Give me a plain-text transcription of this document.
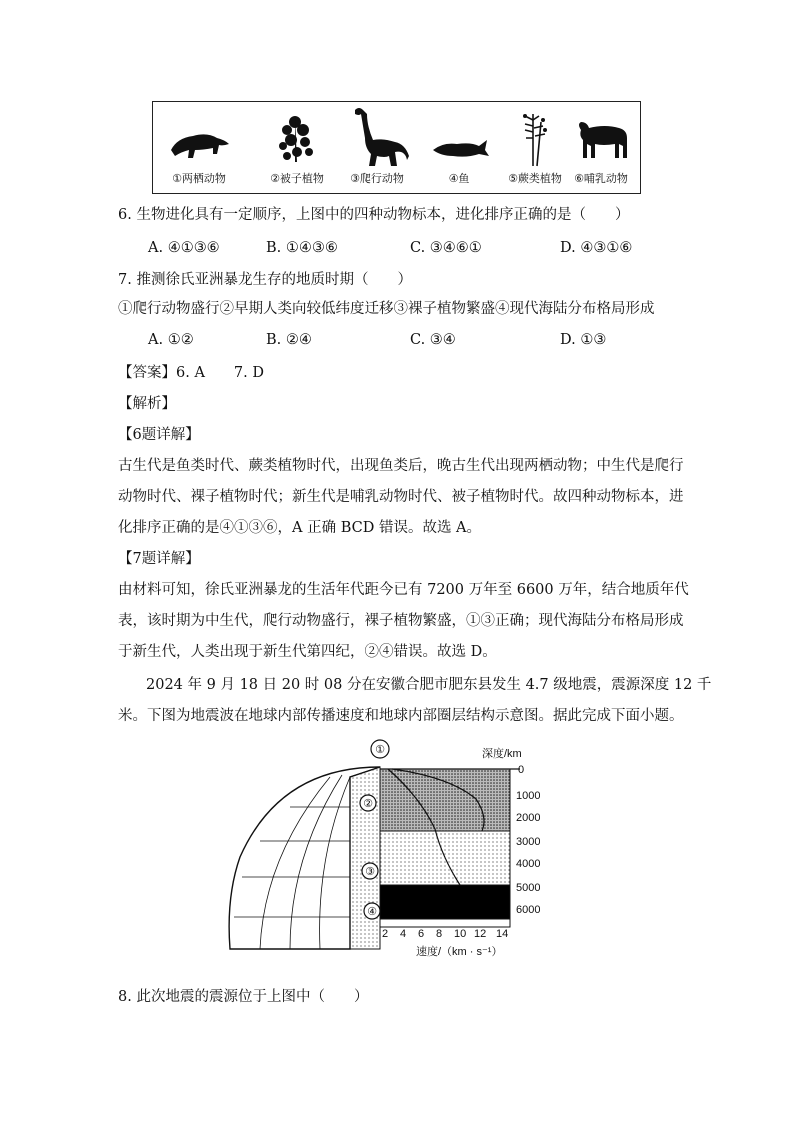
①两栖动物	②被子植物	③爬行动物	④鱼	⑤蕨类植物	⑥哺乳动物
6. 生物进化具有一定顺序，上图中的四种动物标本，进化排序正确的是（　　）
A. ④①③⑥	B. ①④③⑥	C. ③④⑥①	D. ④③①⑥
7. 推测徐氏亚洲暴龙生存的地质时期（　　）
①爬行动物盛行②早期人类向较低纬度迁移③裸子植物繁盛④现代海陆分布格局形成
A. ①②	B. ②④	C. ③④	D. ①③
【答案】6. A　　7. D
【解析】
【6题详解】
古生代是鱼类时代、蕨类植物时代，出现鱼类后，晚古生代出现两栖动物；中生代是爬行
动物时代、裸子植物时代；新生代是哺乳动物时代、被子植物时代。故四种动物标本，进
化排序正确的是④①③⑥，A 正确 BCD 错误。故选 A。
【7题详解】
由材料可知，徐氏亚洲暴龙的生活年代距今已有 7200 万年至 6600 万年，结合地质年代
表，该时期为中生代，爬行动物盛行，裸子植物繁盛，①③正确；现代海陆分布格局形成
于新生代，人类出现于新生代第四纪，②④错误。故选 D。
2024 年 9 月 18 日 20 时 08 分在安徽合肥市肥东县发生 4.7 级地震，震源深度 12 千
米。下图为地震波在地球内部传播速度和地球内部圈层结构示意图。据此完成下面小题。
①
②
③
④
深度/km
0
1000
2000
3000
4000
5000
6000
2 4 6 8 10 12 14
速度/（km · s⁻¹）
8. 此次地震的震源位于上图中（　　）
